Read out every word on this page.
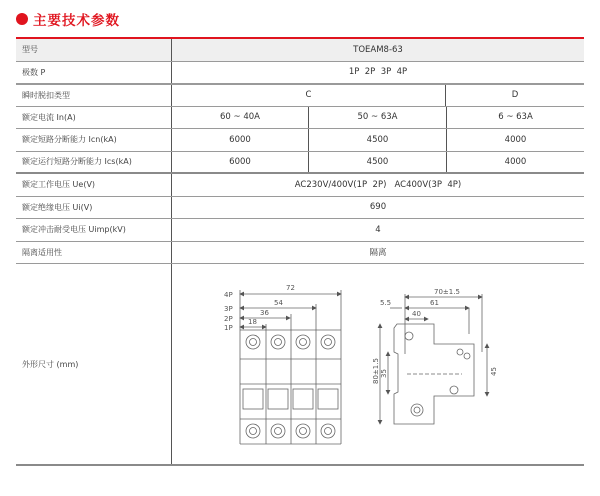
主要技术参数
型号	TOEAM8-63
极数 P	1P  2P  3P  4P
瞬时脱扣类型	C	D
额定电流 In(A)	60 ~ 40A	50 ~ 63A	6 ~ 63A
额定短路分断能力 Icn(kA)	6000	4500	4000
额定运行短路分断能力 Ics(kA)	6000	4500	4000
额定工作电压 Ue(V)	AC230V/400V(1P  2P)   AC400V(3P  4P)
额定绝缘电压 Ui(V)	690
额定冲击耐受电压 Uimp(kV)	4
隔离适用性	隔离
外形尺寸 (mm)
4P
3P
2P
1P
72
54
36
18
70±1.5
61
40
5.5
80±1.5 35	45
